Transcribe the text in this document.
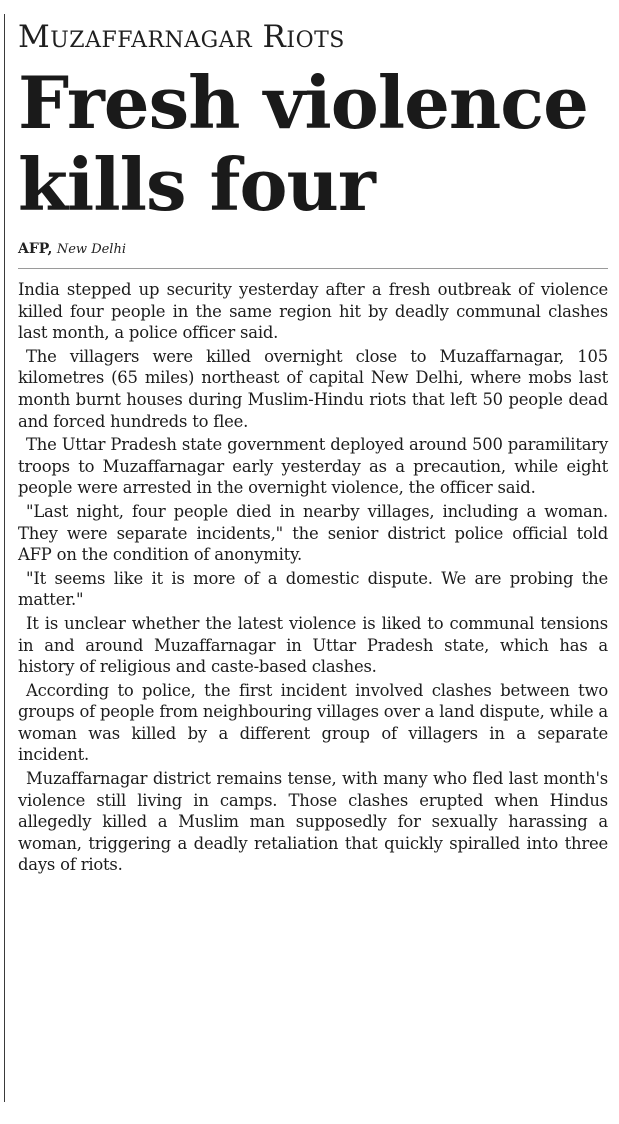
Muzaffarnagar Riots
Fresh violence kills four
AFP, New Delhi

India stepped up security yesterday after a fresh outbreak of violence killed four people in the same region hit by deadly communal clashes last month, a police officer said.

The villagers were killed overnight close to Muzaffarnagar, 105 kilometres (65 miles) northeast of capital New Delhi, where mobs last month burnt houses during Muslim-Hindu riots that left 50 people dead and forced hundreds to flee.

The Uttar Pradesh state government deployed around 500 paramilitary troops to Muzaffarnagar early yesterday as a precaution, while eight people were arrested in the overnight violence, the officer said.

"Last night, four people died in nearby villages, including a woman. They were separate incidents," the senior district police official told AFP on the condition of anonymity.

"It seems like it is more of a domestic dispute. We are probing the matter."

It is unclear whether the latest violence is liked to communal tensions in and around Muzaffarnagar in Uttar Pradesh state, which has a history of religious and caste-based clashes.

According to police, the first incident involved clashes between two groups of people from neighbouring villages over a land dispute, while a woman was killed by a different group of villagers in a separate incident.

Muzaffarnagar district remains tense, with many who fled last month's violence still living in camps. Those clashes erupted when Hindus allegedly killed a Muslim man supposedly for sexually harassing a woman, triggering a deadly retaliation that quickly spiralled into three days of riots.
